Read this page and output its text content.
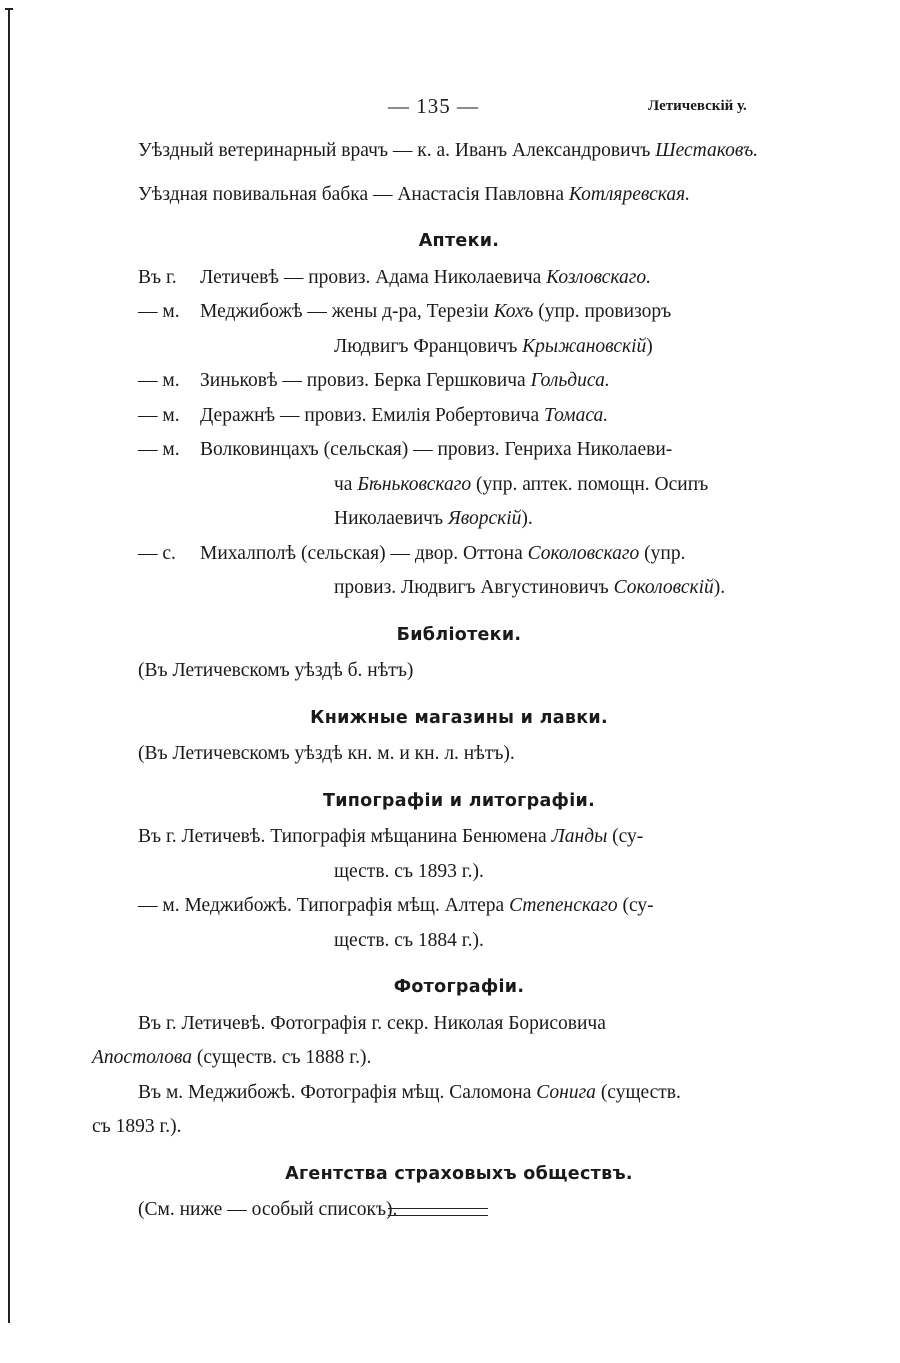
— 135 —	Летичевскій у.

Уѣздный ветеринарный врачъ — к. а. Иванъ Александровичъ Шестаковъ.

Уѣздная повивальная бабка — Анастасія Павловна Котляревская.

Аптеки.
Въ г.	Летичевѣ — провиз. Адама Николаевича Козловскаго.
— м.	Меджибожѣ — жены д-ра, Терезіи Кохъ (упр. провизоръ
Людвигъ Францовичъ Крыжановскій)
— м.	Зиньковѣ — провиз. Берка Гершковича Гольдиса.
— м.	Деражнѣ — провиз. Емилія Робертовича Томаса.
— м.	Волковинцахъ (сельская) — провиз. Генриха Николаеви-
ча Бѣньковскаго (упр. аптек. помощн. Осипъ
Николаевичъ Яворскій).
— с.	Михалполѣ (сельская) — двор. Оттона Соколовскаго (упр.
провиз. Людвигъ Августиновичъ Соколовскій).
Библіотеки.

(Въ Летичевскомъ уѣздѣ б. нѣтъ)

Книжные магазины и лавки.

(Въ Летичевскомъ уѣздѣ кн. м. и кн. л. нѣтъ).

Типографіи и литографіи.

Въ г. Летичевѣ. Типографія мѣщанина Бенюмена Ланды (су-

ществ. съ 1893 г.).

— м. Меджибожѣ. Типографія мѣщ. Алтера Степенскаго (су-

ществ. съ 1884 г.).

Фотографіи.

Въ г. Летичевѣ. Фотографія г. секр. Николая Борисовича

Апостолова (существ. съ 1888 г.).

Въ м. Меджибожѣ. Фотографія мѣщ. Саломона Сонига (существ.

съ 1893 г.).

Агентства страховыхъ обществъ.

(См. ниже — особый списокъ).
